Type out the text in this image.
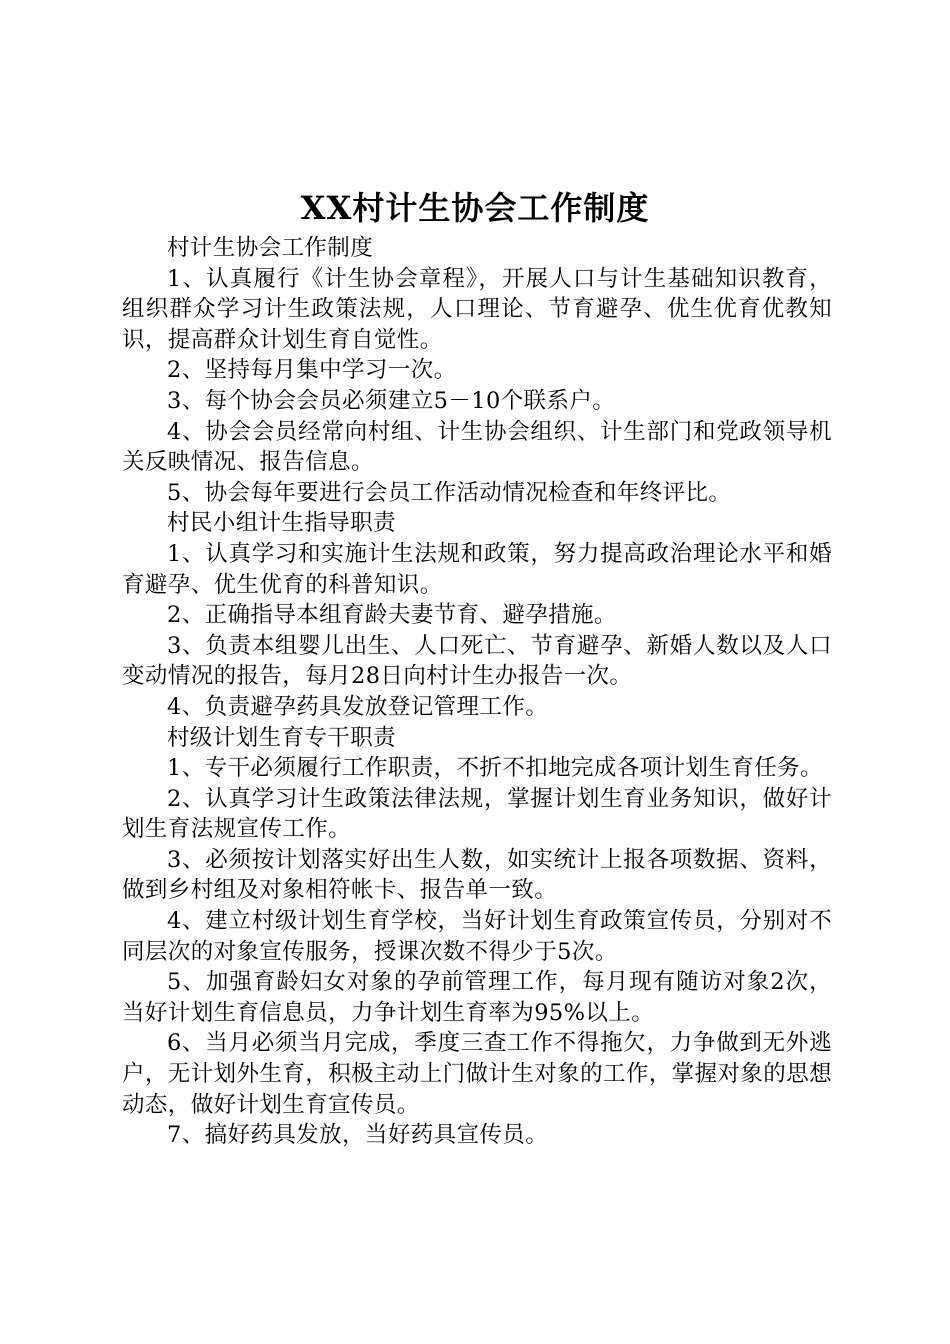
XX村计生协会工作制度

村计生协会工作制度

1、认真履行《计生协会章程》，开展人口与计生基础知识教育，组织群众学习计生政策法规，人口理论、节育避孕、优生优育优教知识，提高群众计划生育自觉性。

2、坚持每月集中学习一次。

3、每个协会会员必须建立5－10个联系户。

4、协会会员经常向村组、计生协会组织、计生部门和党政领导机关反映情况、报告信息。

5、协会每年要进行会员工作活动情况检查和年终评比。

村民小组计生指导职责

1、认真学习和实施计生法规和政策，努力提高政治理论水平和婚育避孕、优生优育的科普知识。

2、正确指导本组育龄夫妻节育、避孕措施。

3、负责本组婴儿出生、人口死亡、节育避孕、新婚人数以及人口变动情况的报告，每月28日向村计生办报告一次。

4、负责避孕药具发放登记管理工作。

村级计划生育专干职责

1、专干必须履行工作职责，不折不扣地完成各项计划生育任务。

2、认真学习计生政策法律法规，掌握计划生育业务知识，做好计划生育法规宣传工作。

3、必须按计划落实好出生人数，如实统计上报各项数据、资料，做到乡村组及对象相符帐卡、报告单一致。

4、建立村级计划生育学校，当好计划生育政策宣传员，分别对不同层次的对象宣传服务，授课次数不得少于5次。

5、加强育龄妇女对象的孕前管理工作，每月现有随访对象2次，当好计划生育信息员，力争计划生育率为95%以上。

6、当月必须当月完成，季度三查工作不得拖欠，力争做到无外逃户，无计划外生育，积极主动上门做计生对象的工作，掌握对象的思想动态，做好计划生育宣传员。

7、搞好药具发放，当好药具宣传员。
